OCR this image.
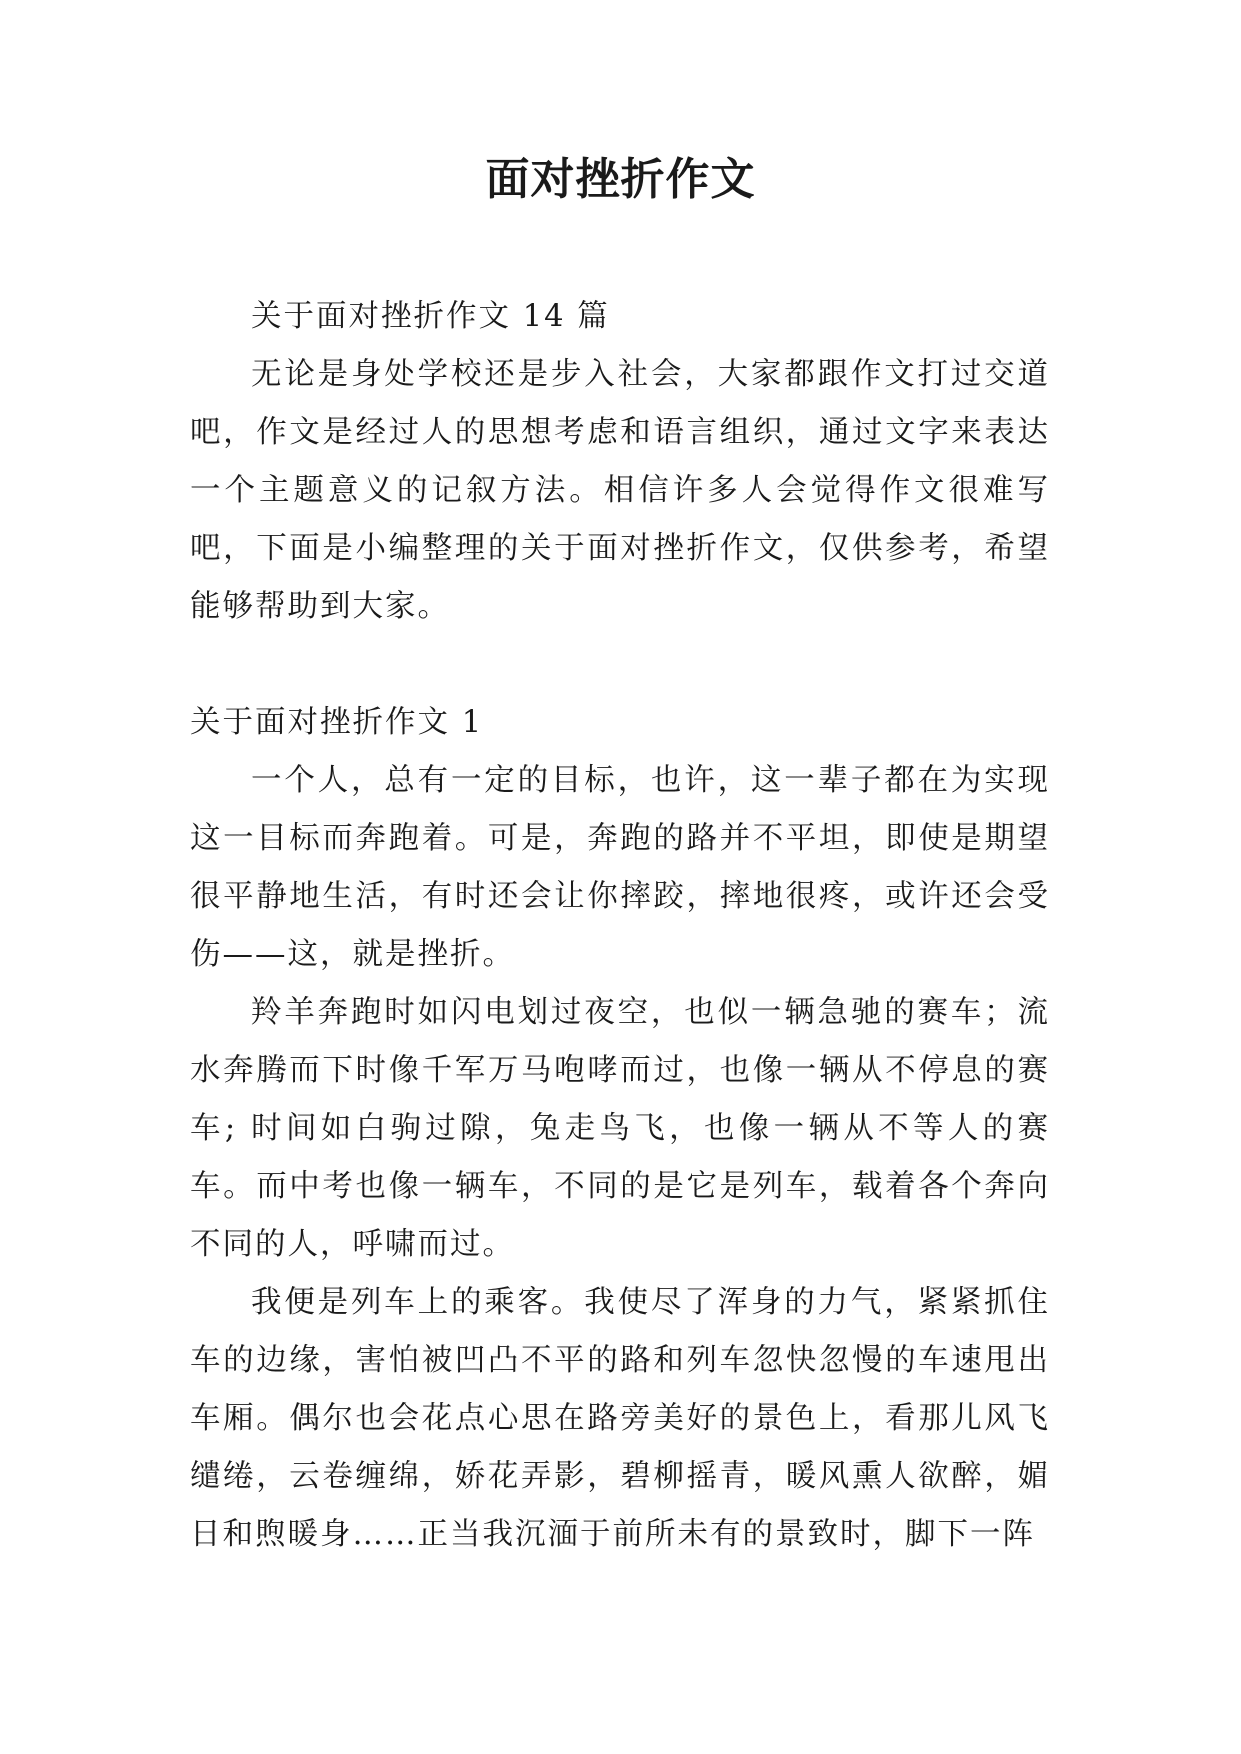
面对挫折作文

关于面对挫折作文 14 篇

无论是身处学校还是步入社会，大家都跟作文打过交道吧，作文是经过人的思想考虑和语言组织，通过文字来表达一个主题意义的记叙方法。相信许多人会觉得作文很难写吧，下面是小编整理的关于面对挫折作文，仅供参考，希望能够帮助到大家。

关于面对挫折作文 1

一个人，总有一定的目标，也许，这一辈子都在为实现这一目标而奔跑着。可是，奔跑的路并不平坦，即使是期望很平静地生活，有时还会让你摔跤，摔地很疼，或许还会受伤——这，就是挫折。

羚羊奔跑时如闪电划过夜空，也似一辆急驰的赛车；流水奔腾而下时像千军万马咆哮而过，也像一辆从不停息的赛车; 时间如白驹过隙，兔走鸟飞，也像一辆从不等人的赛车。而中考也像一辆车，不同的是它是列车，载着各个奔向不同的人，呼啸而过。

我便是列车上的乘客。我使尽了浑身的力气，紧紧抓住车的边缘，害怕被凹凸不平的路和列车忽快忽慢的车速甩出车厢。偶尔也会花点心思在路旁美好的景色上，看那儿风飞缱绻，云卷缠绵，娇花弄影，碧柳摇青，暖风熏人欲醉，媚日和煦暖身……正当我沉湎于前所未有的景致时，脚下一阵
